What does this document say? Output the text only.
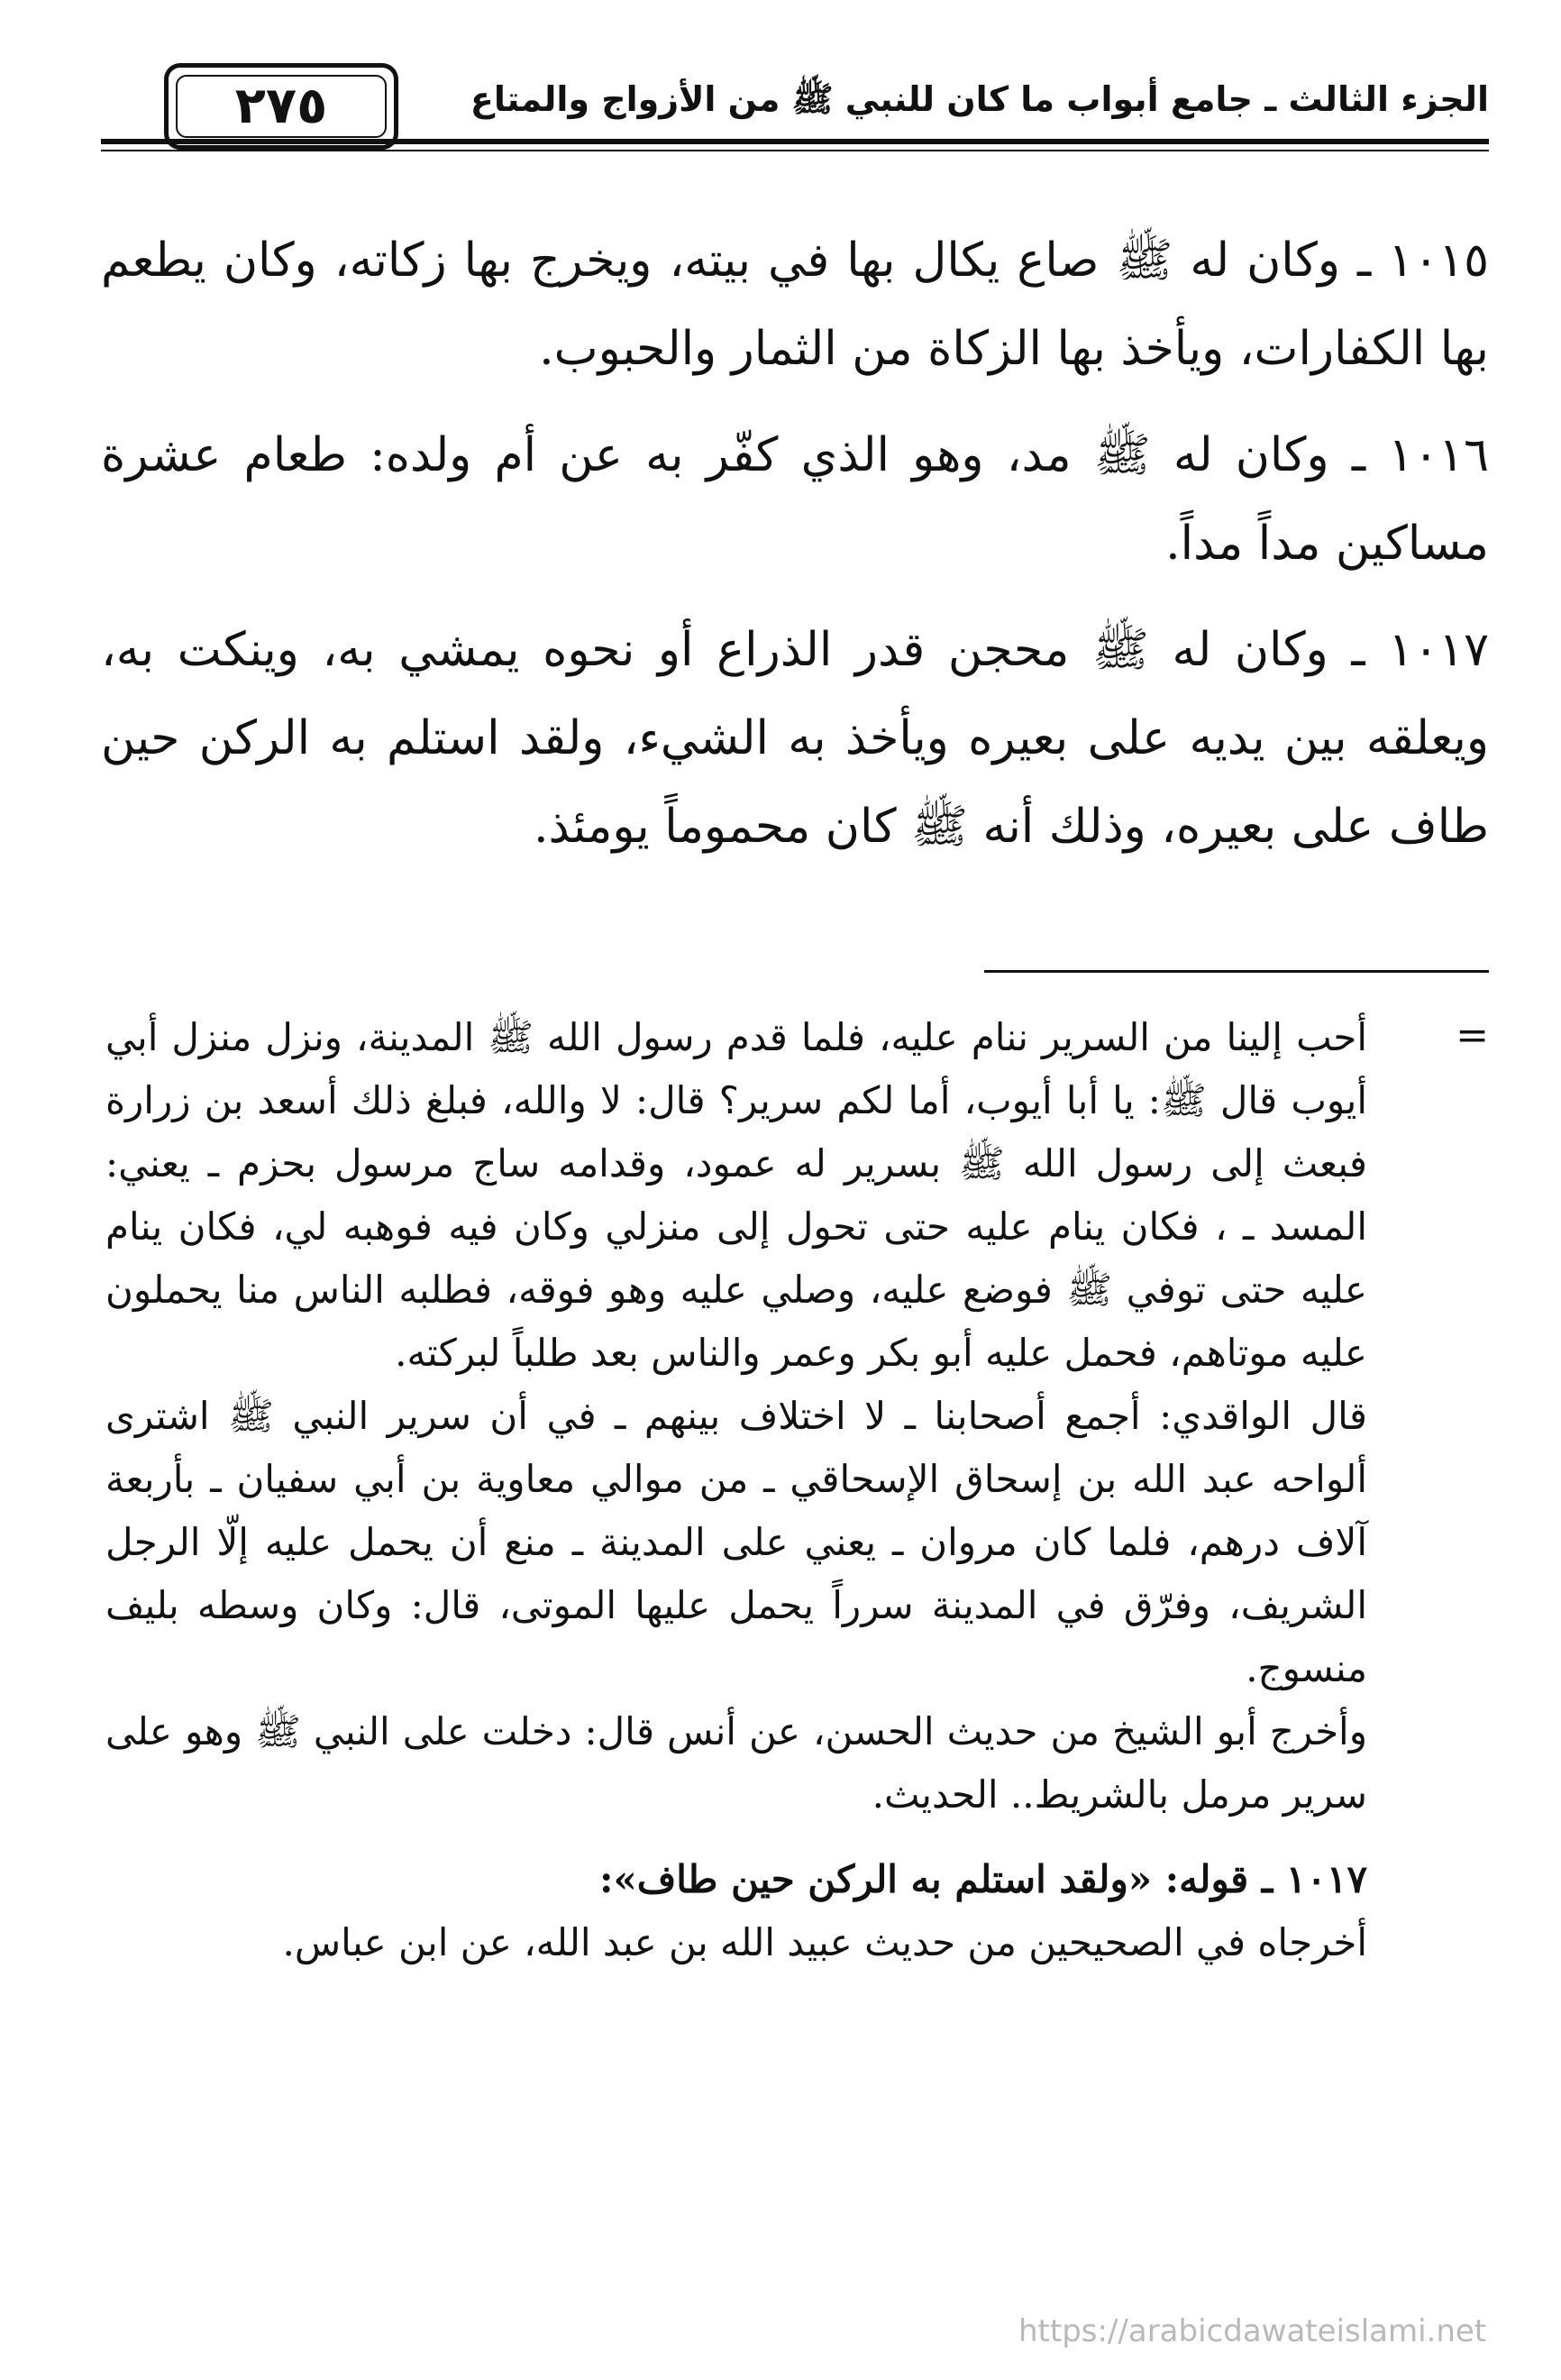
الجزء الثالث ـ جامع أبواب ما كان للنبي ﷺ من الأزواج والمتاع
٢٧٥

١٠١٥ ـ وكان له ﷺ صاع يكال بها في بيته، ويخرج بها زكاته، وكان يطعم بها الكفارات، ويأخذ بها الزكاة من الثمار والحبوب.

١٠١٦ ـ وكان له ﷺ مد، وهو الذي كفّر به عن أم ولده: طعام عشرة مساكين مداً مداً.

١٠١٧ ـ وكان له ﷺ محجن قدر الذراع أو نحوه يمشي به، وينكت به، ويعلقه بين يديه على بعيره ويأخذ به الشيء، ولقد استلم به الركن حين طاف على بعيره، وذلك أنه ﷺ كان محموماً يومئذ.

=

أحب إلينا من السرير ننام عليه، فلما قدم رسول الله ﷺ المدينة، ونزل منزل أبي أيوب قال ﷺ: يا أبا أيوب، أما لكم سرير؟ قال: لا والله، فبلغ ذلك أسعد بن زرارة فبعث إلى رسول الله ﷺ بسرير له عمود، وقدامه ساج مرسول بحزم ـ يعني: المسد ـ ، فكان ينام عليه حتى تحول إلى منزلي وكان فيه فوهبه لي، فكان ينام عليه حتى توفي ﷺ فوضع عليه، وصلي عليه وهو فوقه، فطلبه الناس منا يحملون عليه موتاهم، فحمل عليه أبو بكر وعمر والناس بعد طلباً لبركته.

قال الواقدي: أجمع أصحابنا ـ لا اختلاف بينهم ـ في أن سرير النبي ﷺ اشترى ألواحه عبد الله بن إسحاق الإسحاقي ـ من موالي معاوية بن أبي سفيان ـ بأربعة آلاف درهم، فلما كان مروان ـ يعني على المدينة ـ منع أن يحمل عليه إلّا الرجل الشريف، وفرّق في المدينة سرراً يحمل عليها الموتى، قال: وكان وسطه بليف منسوج.

وأخرج أبو الشيخ من حديث الحسن، عن أنس قال: دخلت على النبي ﷺ وهو على سرير مرمل بالشريط.. الحديث.

١٠١٧ ـ قوله: «ولقد استلم به الركن حين طاف»:

أخرجاه في الصحيحين من حديث عبيد الله بن عبد الله، عن ابن عباس.

https://arabicdawateislami.net
